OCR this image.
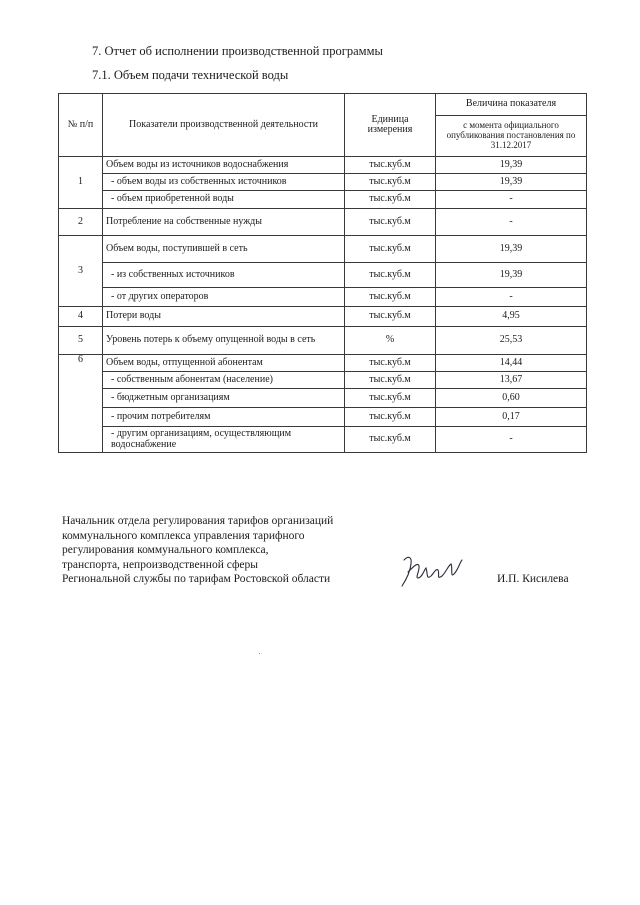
7. Отчет об исполнении производственной программы
7.1. Объем подачи технической воды
№ п/п	Показатели производственной деятельности	Единица измерения	Величина показателя
			с момента официального опубликования постановления по 31.12.2017
1	Объем воды из источников водоснабжения	тыс.куб.м	19,39
	- объем воды из собственных источников	тыс.куб.м	19,39
	- объем приобретенной воды	тыс.куб.м	-
2	Потребление на собственные нужды	тыс.куб.м	-
3	Объем воды, поступившей в сеть	тыс.куб.м	19,39
	- из собственных источников	тыс.куб.м	19,39
	- от других операторов	тыс.куб.м	-
4	Потери воды	тыс.куб.м	4,95
5	Уровень потерь к объему опущенной воды в сеть	%	25,53
6	Объем воды, отпущенной абонентам	тыс.куб.м	14,44
	- собственным абонентам (население)	тыс.куб.м	13,67
	- бюджетным организациям	тыс.куб.м	0,60
	- прочим потребителям	тыс.куб.м	0,17
	- другим организациям, осуществляющим водоснабжение	тыс.куб.м	-
Начальник отдела регулирования тарифов организаций
коммунального комплекса управления тарифного
регулирования коммунального комплекса,
транспорта, непроизводственной сферы
Региональной службы по тарифам Ростовской области	И.П. Кисилева
